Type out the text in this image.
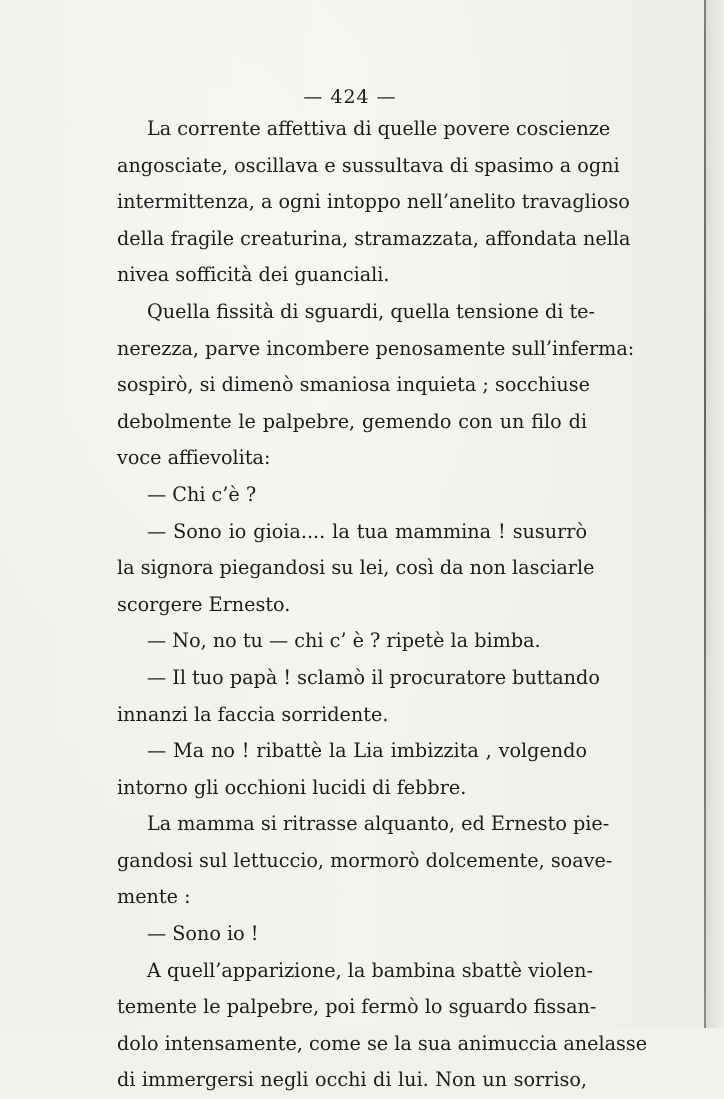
— 424 —
La corrente affettiva di quelle povere coscienze
angosciate, oscillava e sussultava di spasimo a ogni
intermittenza, a ogni intoppo nell’anelito travaglioso
della fragile creaturina, stramazzata, affondata nella
nivea sofficità dei guanciali.
Quella fissità di sguardi, quella tensione di te-
nerezza, parve incombere penosamente sull’inferma:
sospirò, si dimenò smaniosa inquieta ; socchiuse
debolmente le palpebre, gemendo con un filo di
voce affievolita:
— Chi c’è ?
— Sono io gioia.... la tua mammina ! susurrò
la signora piegandosi su lei, così da non lasciarle
scorgere Ernesto.
— No, no tu — chi c’ è ? ripetè la bimba.
— Il tuo papà ! sclamò il procuratore buttando
innanzi la faccia sorridente.
— Ma no ! ribattè la Lia imbizzita , volgendo
intorno gli occhioni lucidi di febbre.
La mamma si ritrasse alquanto, ed Ernesto pie-
gandosi sul lettuccio, mormorò dolcemente, soave-
mente :
— Sono io !
A quell’apparizione, la bambina sbattè violen-
temente le palpebre, poi fermò lo sguardo fissan-
dolo intensamente, come se la sua animuccia anelasse
di immergersi negli occhi di lui. Non un sorriso,
